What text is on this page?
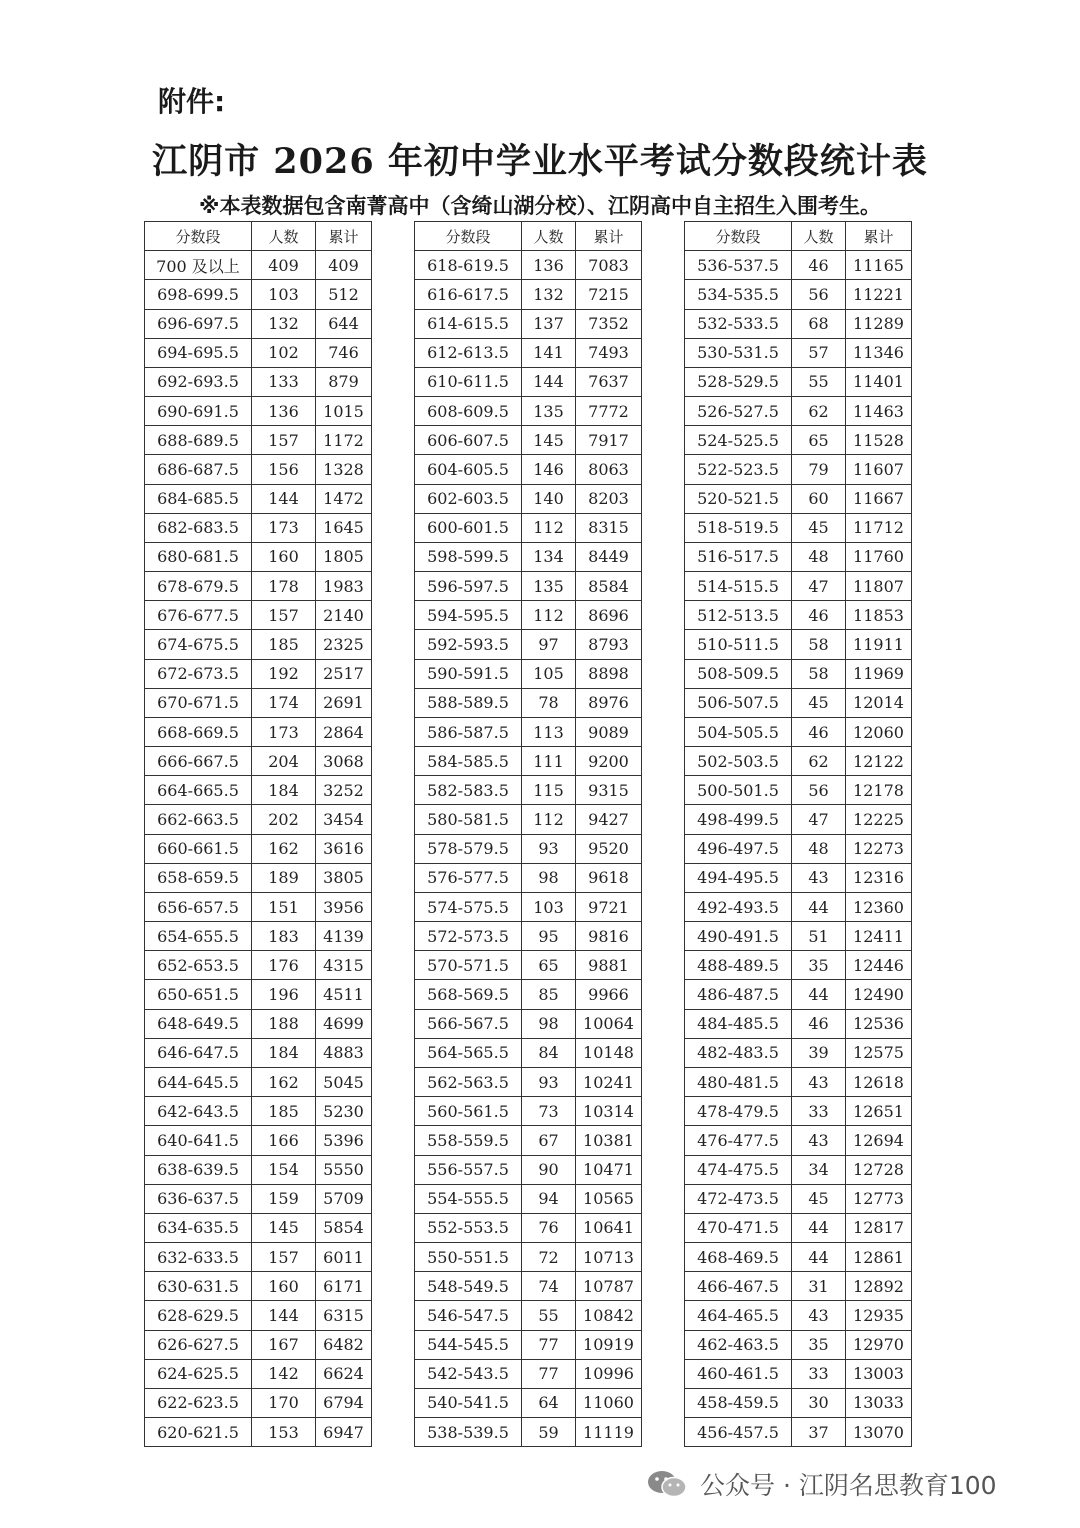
附件:
江阴市 2026 年初中学业水平考试分数段统计表
※本表数据包含南菁高中（含绮山湖分校）、江阴高中自主招生入围考生。
分数段	人数	累计
700 及以上	409	409
698-699.5	103	512
696-697.5	132	644
694-695.5	102	746
692-693.5	133	879
690-691.5	136	1015
688-689.5	157	1172
686-687.5	156	1328
684-685.5	144	1472
682-683.5	173	1645
680-681.5	160	1805
678-679.5	178	1983
676-677.5	157	2140
674-675.5	185	2325
672-673.5	192	2517
670-671.5	174	2691
668-669.5	173	2864
666-667.5	204	3068
664-665.5	184	3252
662-663.5	202	3454
660-661.5	162	3616
658-659.5	189	3805
656-657.5	151	3956
654-655.5	183	4139
652-653.5	176	4315
650-651.5	196	4511
648-649.5	188	4699
646-647.5	184	4883
644-645.5	162	5045
642-643.5	185	5230
640-641.5	166	5396
638-639.5	154	5550
636-637.5	159	5709
634-635.5	145	5854
632-633.5	157	6011
630-631.5	160	6171
628-629.5	144	6315
626-627.5	167	6482
624-625.5	142	6624
622-623.5	170	6794
620-621.5	153	6947
分数段	人数	累计
618-619.5	136	7083
616-617.5	132	7215
614-615.5	137	7352
612-613.5	141	7493
610-611.5	144	7637
608-609.5	135	7772
606-607.5	145	7917
604-605.5	146	8063
602-603.5	140	8203
600-601.5	112	8315
598-599.5	134	8449
596-597.5	135	8584
594-595.5	112	8696
592-593.5	97	8793
590-591.5	105	8898
588-589.5	78	8976
586-587.5	113	9089
584-585.5	111	9200
582-583.5	115	9315
580-581.5	112	9427
578-579.5	93	9520
576-577.5	98	9618
574-575.5	103	9721
572-573.5	95	9816
570-571.5	65	9881
568-569.5	85	9966
566-567.5	98	10064
564-565.5	84	10148
562-563.5	93	10241
560-561.5	73	10314
558-559.5	67	10381
556-557.5	90	10471
554-555.5	94	10565
552-553.5	76	10641
550-551.5	72	10713
548-549.5	74	10787
546-547.5	55	10842
544-545.5	77	10919
542-543.5	77	10996
540-541.5	64	11060
538-539.5	59	11119
分数段	人数	累计
536-537.5	46	11165
534-535.5	56	11221
532-533.5	68	11289
530-531.5	57	11346
528-529.5	55	11401
526-527.5	62	11463
524-525.5	65	11528
522-523.5	79	11607
520-521.5	60	11667
518-519.5	45	11712
516-517.5	48	11760
514-515.5	47	11807
512-513.5	46	11853
510-511.5	58	11911
508-509.5	58	11969
506-507.5	45	12014
504-505.5	46	12060
502-503.5	62	12122
500-501.5	56	12178
498-499.5	47	12225
496-497.5	48	12273
494-495.5	43	12316
492-493.5	44	12360
490-491.5	51	12411
488-489.5	35	12446
486-487.5	44	12490
484-485.5	46	12536
482-483.5	39	12575
480-481.5	43	12618
478-479.5	33	12651
476-477.5	43	12694
474-475.5	34	12728
472-473.5	45	12773
470-471.5	44	12817
468-469.5	44	12861
466-467.5	31	12892
464-465.5	43	12935
462-463.5	35	12970
460-461.5	33	13003
458-459.5	30	13033
456-457.5	37	13070
公众号 · 江阴名思教育100
